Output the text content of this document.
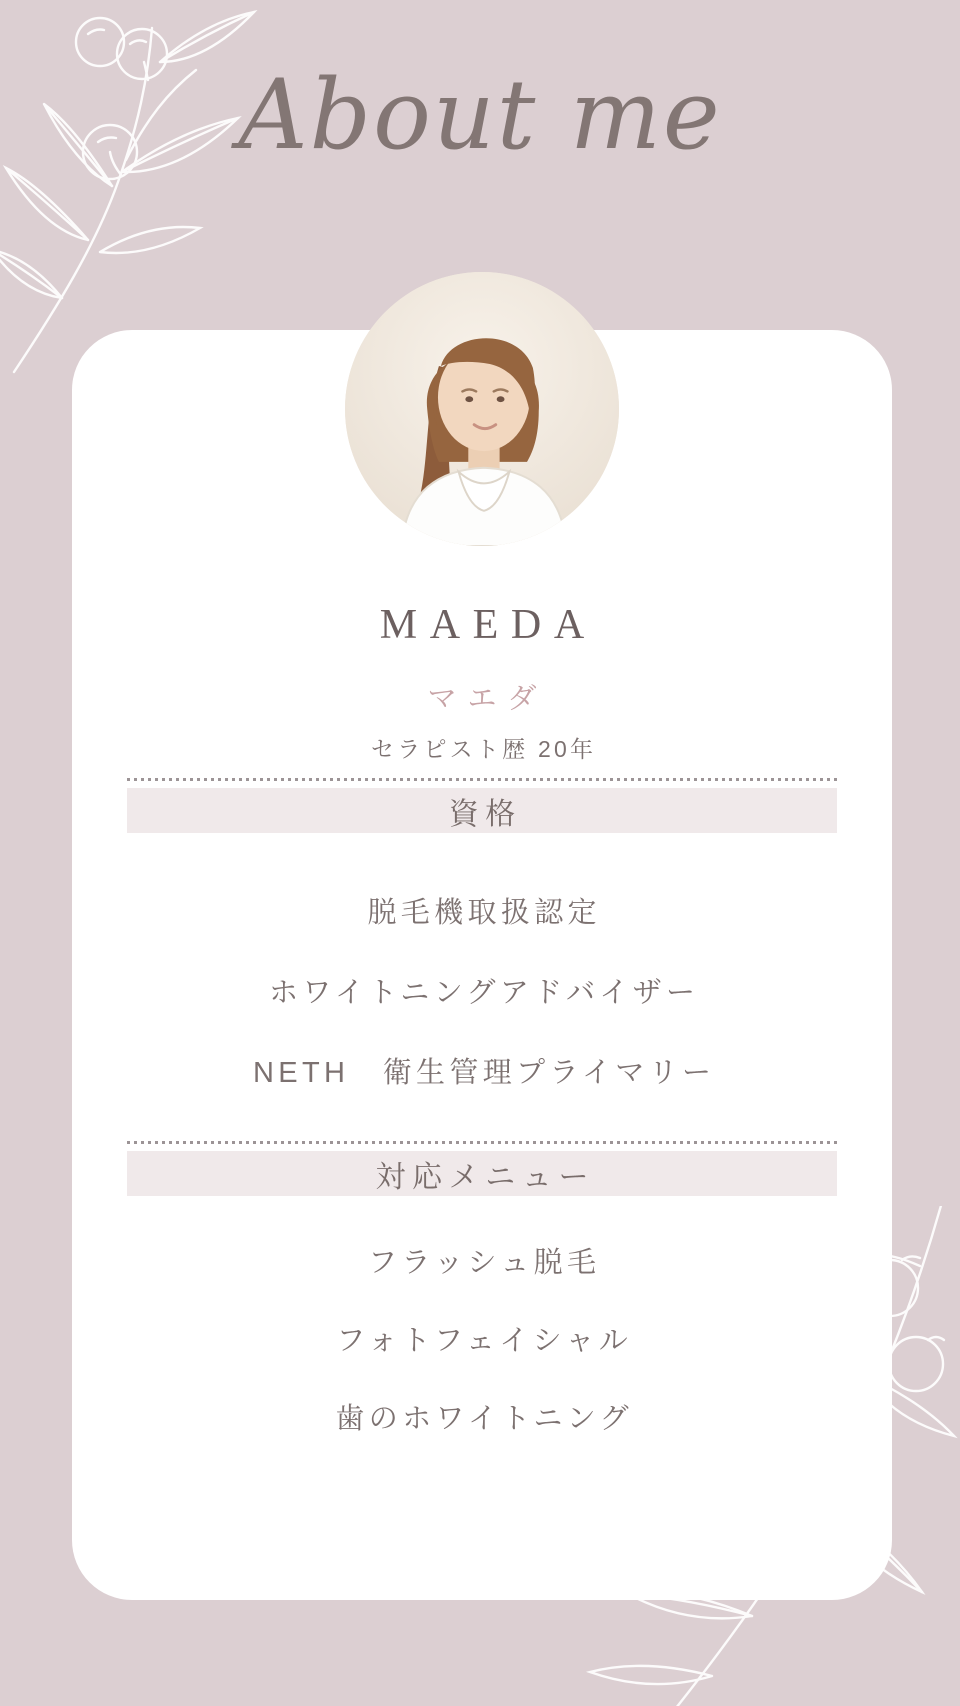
About me
MAEDA
マエダ
セラピスト歴 20年
資格
脱毛機取扱認定
ホワイトニングアドバイザー
NETH　衛生管理プライマリー
対応メニュー
フラッシュ脱毛
フォトフェイシャル
歯のホワイトニング
